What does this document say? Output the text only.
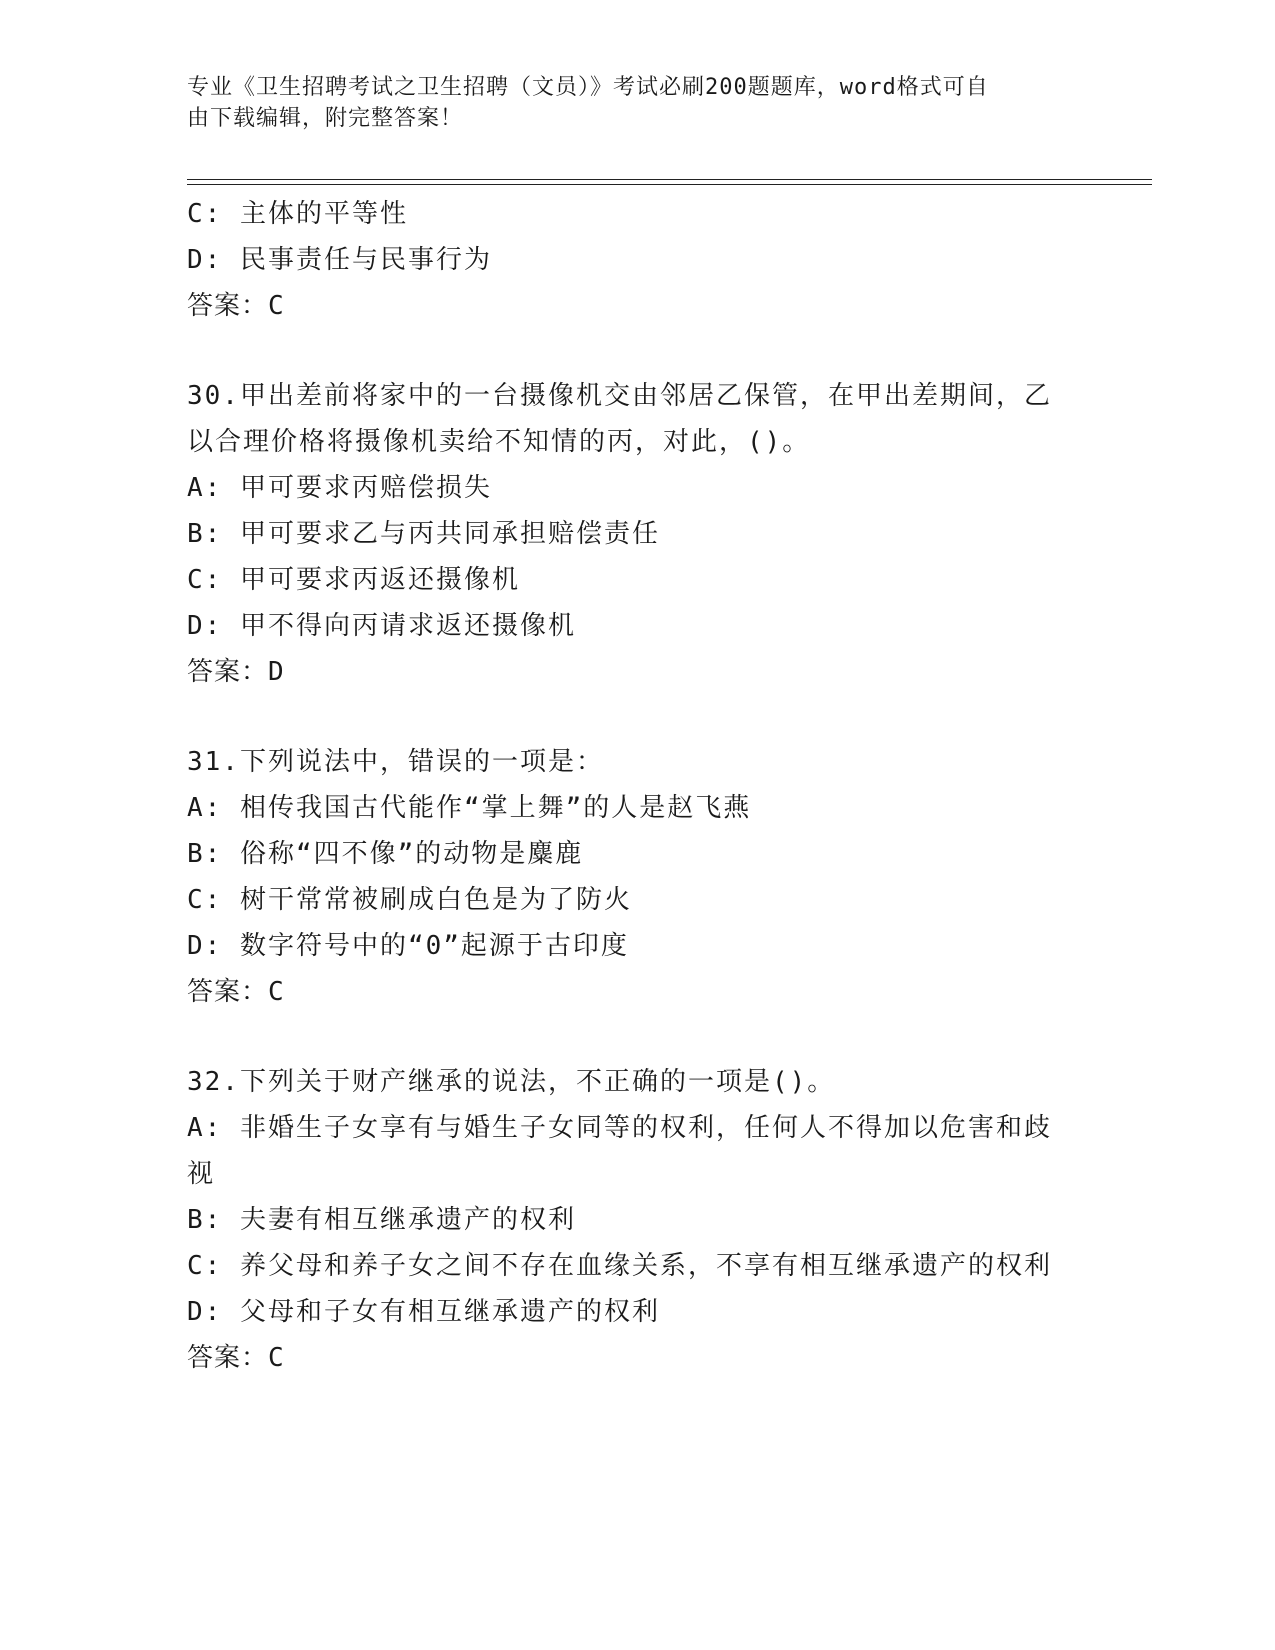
专业《卫生招聘考试之卫生招聘（文员）》考试必刷200题题库，word格式可自
由下载编辑，附完整答案！
C: 主体的平等性
D: 民事责任与民事行为
答案：C
30.甲出差前将家中的一台摄像机交由邻居乙保管，在甲出差期间，乙
以合理价格将摄像机卖给不知情的丙，对此，()。
A: 甲可要求丙赔偿损失
B: 甲可要求乙与丙共同承担赔偿责任
C: 甲可要求丙返还摄像机
D: 甲不得向丙请求返还摄像机
答案：D
31.下列说法中，错误的一项是：
A: 相传我国古代能作“掌上舞”的人是赵飞燕
B: 俗称“四不像”的动物是麋鹿
C: 树干常常被刷成白色是为了防火
D: 数字符号中的“0”起源于古印度
答案：C
32.下列关于财产继承的说法，不正确的一项是()。
A: 非婚生子女享有与婚生子女同等的权利，任何人不得加以危害和歧
视
B: 夫妻有相互继承遗产的权利
C: 养父母和养子女之间不存在血缘关系，不享有相互继承遗产的权利
D: 父母和子女有相互继承遗产的权利
答案：C
